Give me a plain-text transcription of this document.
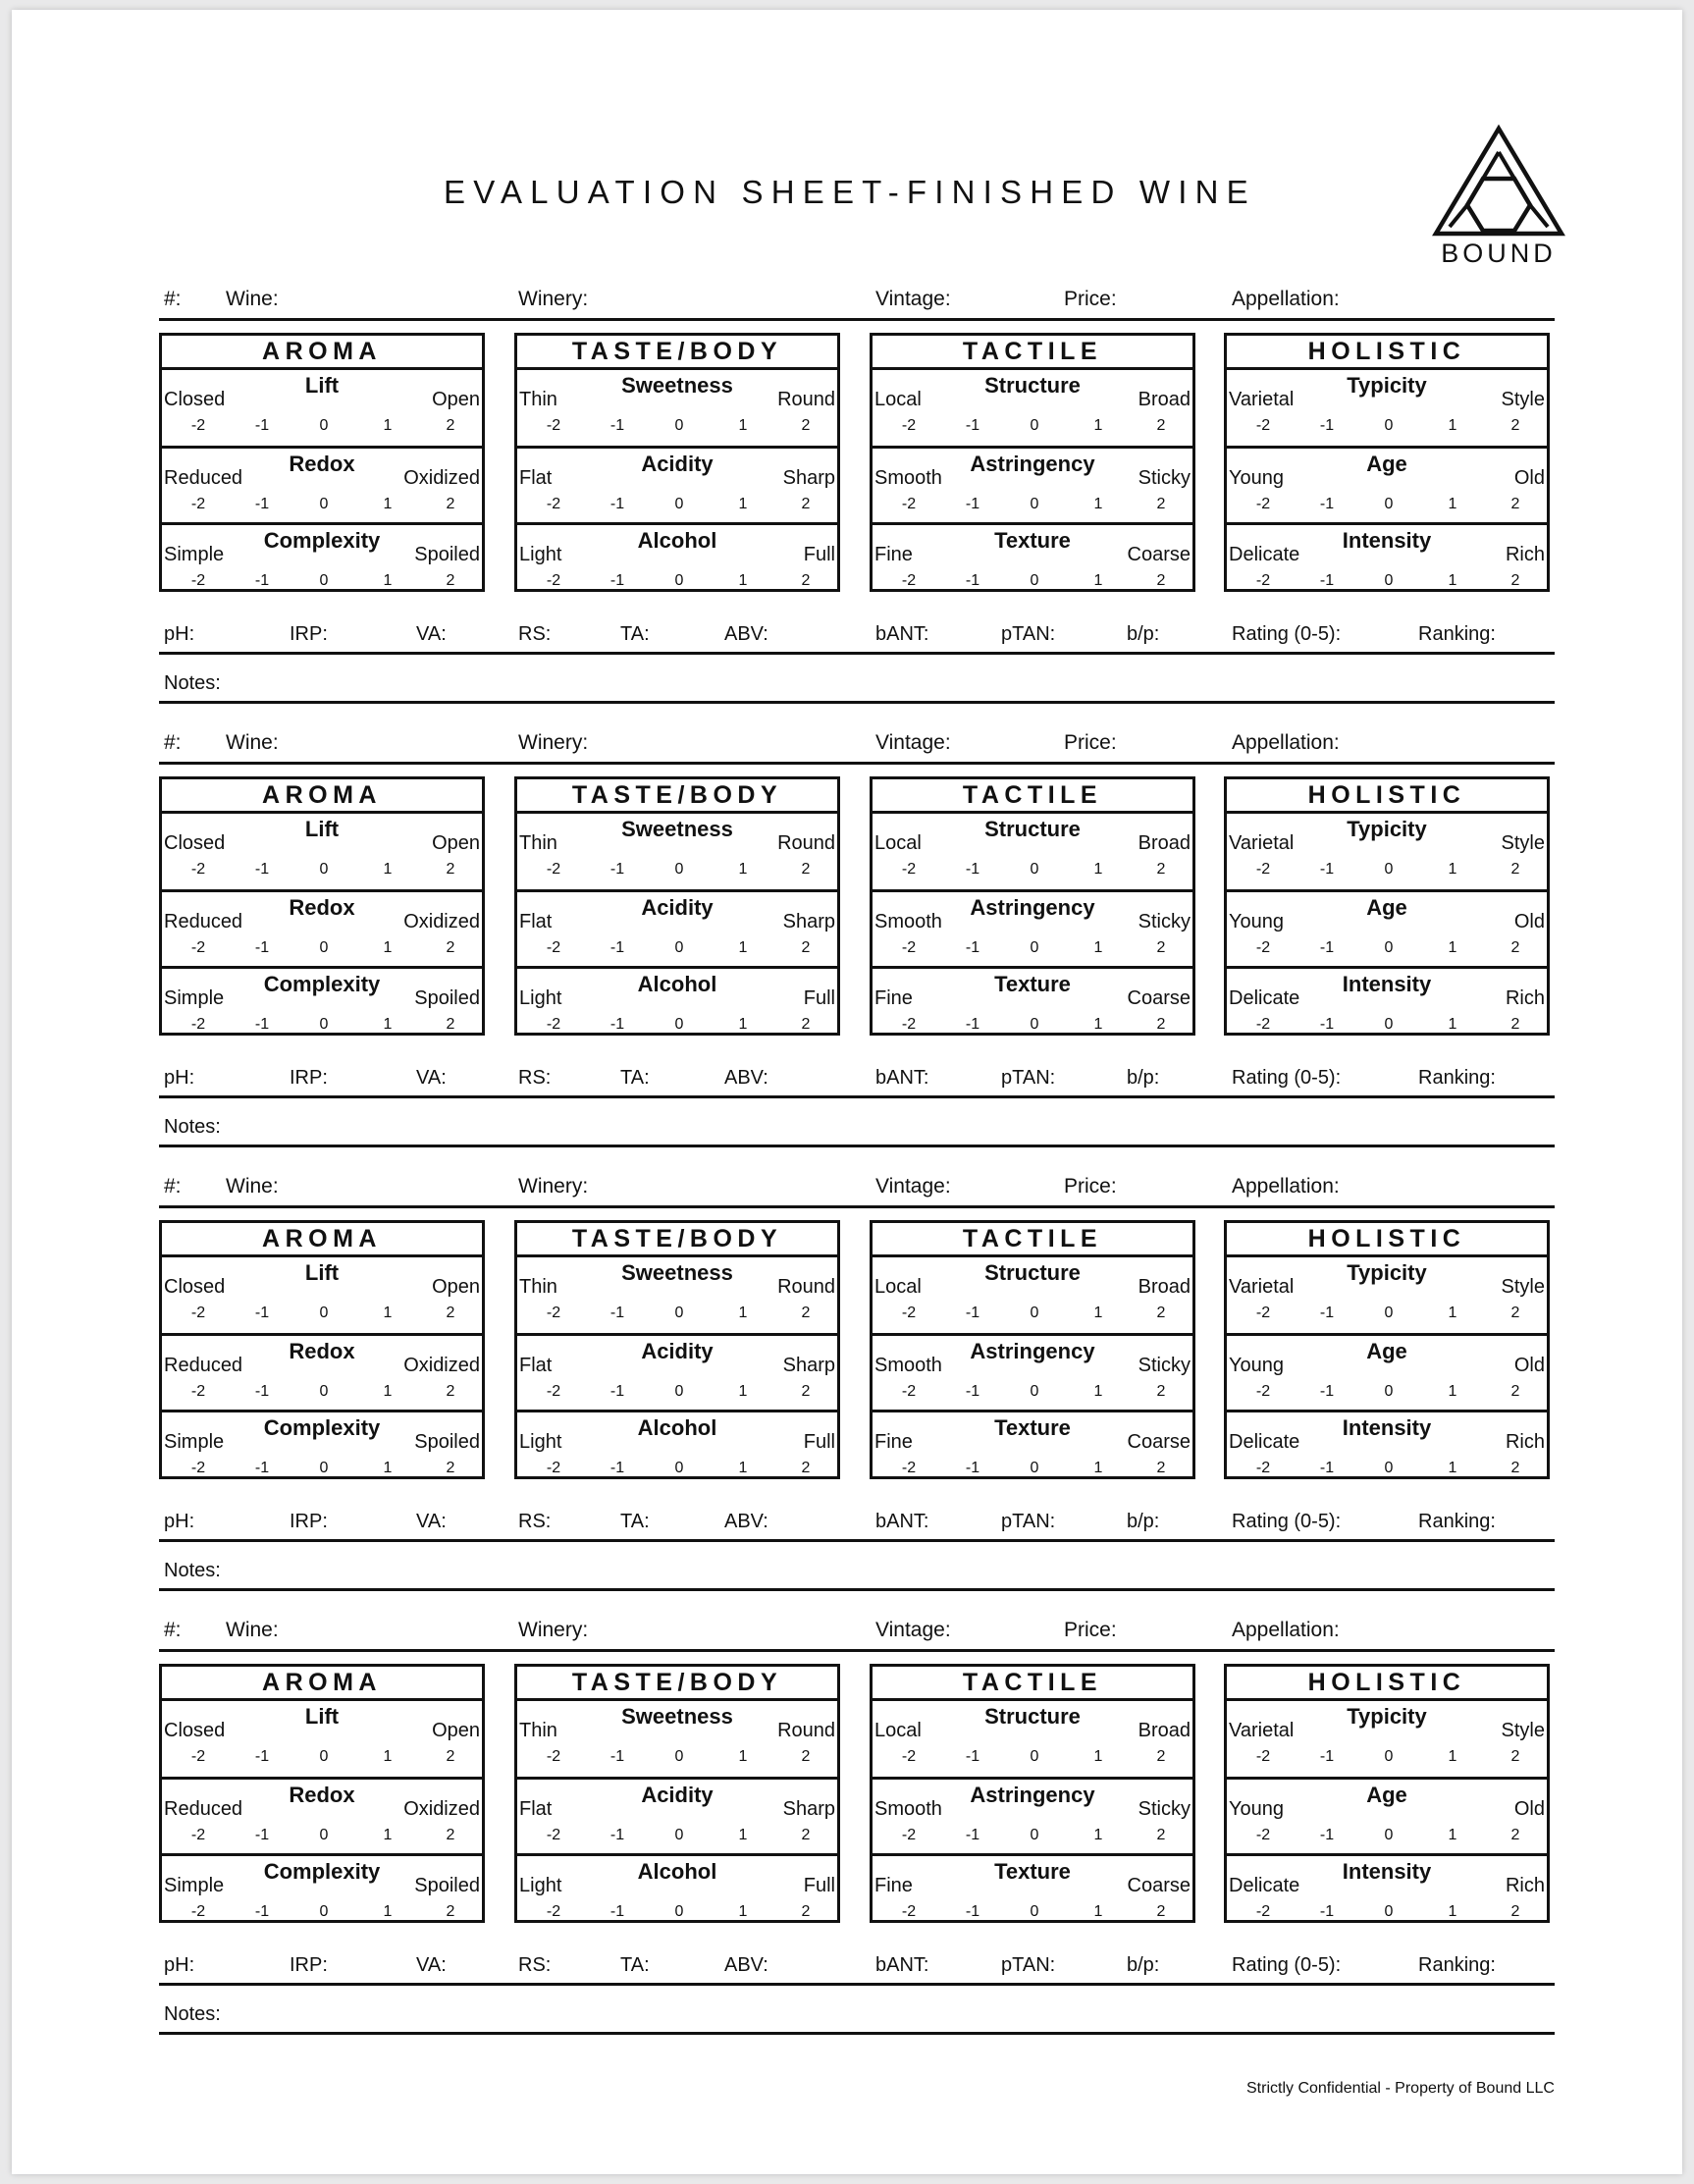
EVALUATION SHEET-FINISHED WINE
BOUND
#: Wine:	Winery:	Vintage:	Price:	Appellation:
AROMA
Closed	Open
Lift
-2	-1	0	1	2
Reduced	Oxidized
Redox
-2	-1	0	1	2
Simple	Spoiled
Complexity
-2	-1	0	1	2
TASTE/BODY
Thin	Round
Sweetness
-2	-1	0	1	2
Flat	Sharp
Acidity
-2	-1	0	1	2
Light	Full
Alcohol
-2	-1	0	1	2
TACTILE
Local	Broad
Structure
-2	-1	0	1	2
Smooth	Sticky
Astringency
-2	-1	0	1	2
Fine	Coarse
Texture
-2	-1	0	1	2
HOLISTIC
Varietal	Style
Typicity
-2	-1	0	1	2
Young	Old
Age
-2	-1	0	1	2
Delicate	Rich
Intensity
-2	-1	0	1	2
pH:	IRP:	VA:	RS:	TA:	ABV:	bANT:	pTAN:	b/p:	Rating (0-5):	Ranking:
Notes:
#: Wine:	Winery:	Vintage:	Price:	Appellation:
AROMA
Closed	Open
Lift
-2	-1	0	1	2
Reduced	Oxidized
Redox
-2	-1	0	1	2
Simple	Spoiled
Complexity
-2	-1	0	1	2
TASTE/BODY
Thin	Round
Sweetness
-2	-1	0	1	2
Flat	Sharp
Acidity
-2	-1	0	1	2
Light	Full
Alcohol
-2	-1	0	1	2
TACTILE
Local	Broad
Structure
-2	-1	0	1	2
Smooth	Sticky
Astringency
-2	-1	0	1	2
Fine	Coarse
Texture
-2	-1	0	1	2
HOLISTIC
Varietal	Style
Typicity
-2	-1	0	1	2
Young	Old
Age
-2	-1	0	1	2
Delicate	Rich
Intensity
-2	-1	0	1	2
pH:	IRP:	VA:	RS:	TA:	ABV:	bANT:	pTAN:	b/p:	Rating (0-5):	Ranking:
Notes:
#: Wine:	Winery:	Vintage:	Price:	Appellation:
AROMA
Closed	Open
Lift
-2	-1	0	1	2
Reduced	Oxidized
Redox
-2	-1	0	1	2
Simple	Spoiled
Complexity
-2	-1	0	1	2
TASTE/BODY
Thin	Round
Sweetness
-2	-1	0	1	2
Flat	Sharp
Acidity
-2	-1	0	1	2
Light	Full
Alcohol
-2	-1	0	1	2
TACTILE
Local	Broad
Structure
-2	-1	0	1	2
Smooth	Sticky
Astringency
-2	-1	0	1	2
Fine	Coarse
Texture
-2	-1	0	1	2
HOLISTIC
Varietal	Style
Typicity
-2	-1	0	1	2
Young	Old
Age
-2	-1	0	1	2
Delicate	Rich
Intensity
-2	-1	0	1	2
pH:	IRP:	VA:	RS:	TA:	ABV:	bANT:	pTAN:	b/p:	Rating (0-5):	Ranking:
Notes:
#: Wine:	Winery:	Vintage:	Price:	Appellation:
AROMA
Closed	Open
Lift
-2	-1	0	1	2
Reduced	Oxidized
Redox
-2	-1	0	1	2
Simple	Spoiled
Complexity
-2	-1	0	1	2
TASTE/BODY
Thin	Round
Sweetness
-2	-1	0	1	2
Flat	Sharp
Acidity
-2	-1	0	1	2
Light	Full
Alcohol
-2	-1	0	1	2
TACTILE
Local	Broad
Structure
-2	-1	0	1	2
Smooth	Sticky
Astringency
-2	-1	0	1	2
Fine	Coarse
Texture
-2	-1	0	1	2
HOLISTIC
Varietal	Style
Typicity
-2	-1	0	1	2
Young	Old
Age
-2	-1	0	1	2
Delicate	Rich
Intensity
-2	-1	0	1	2
pH:	IRP:	VA:	RS:	TA:	ABV:	bANT:	pTAN:	b/p:	Rating (0-5):	Ranking:
Notes:
Strictly Confidential - Property of Bound LLC
